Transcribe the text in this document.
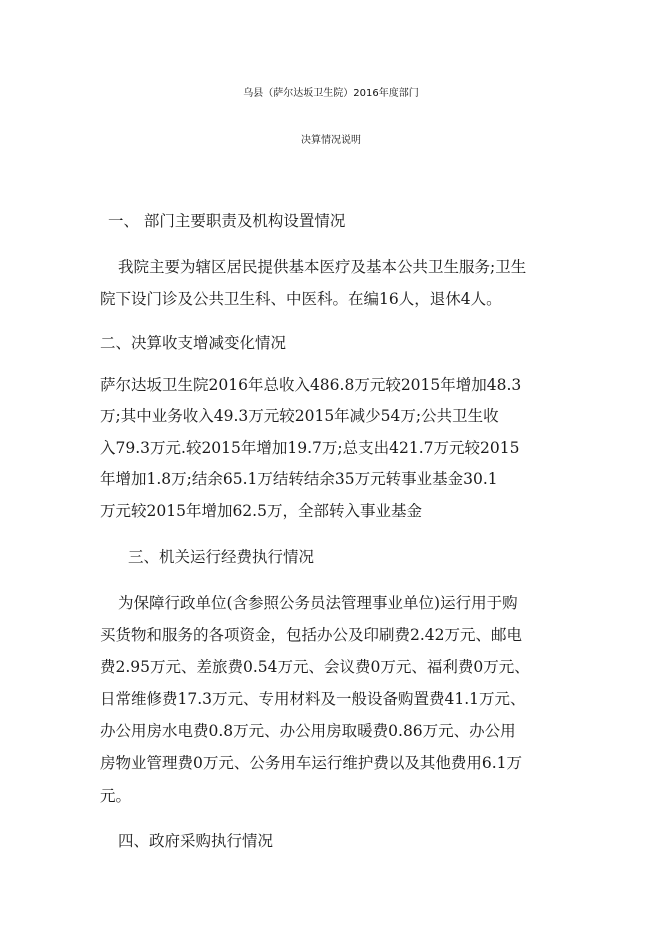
乌县（萨尔达坂卫生院）2016年度部门
决算情况说明
一、 部门主要职责及机构设置情况
我院主要为辖区居民提供基本医疗及基本公共卫生服务;卫生
院下设门诊及公共卫生科、中医科。在编16人，退休4人。
二、决算收支增减变化情况
萨尔达坂卫生院2016年总收入486.8万元较2015年增加48.3
万;其中业务收入49.3万元较2015年减少54万;公共卫生收
入79.3万元.较2015年增加19.7万;总支出421.7万元较2015
年增加1.8万;结余65.1万结转结余35万元转事业基金30.1
万元较2015年增加62.5万，全部转入事业基金
三、机关运行经费执行情况
为保障行政单位(含参照公务员法管理事业单位)运行用于购
买货物和服务的各项资金，包括办公及印刷费2.42万元、邮电
费2.95万元、差旅费0.54万元、会议费0万元、福利费0万元、
日常维修费17.3万元、专用材料及一般设备购置费41.1万元、
办公用房水电费0.8万元、办公用房取暖费0.86万元、办公用
房物业管理费0万元、公务用车运行维护费以及其他费用6.1万
元。
四、政府采购执行情况
